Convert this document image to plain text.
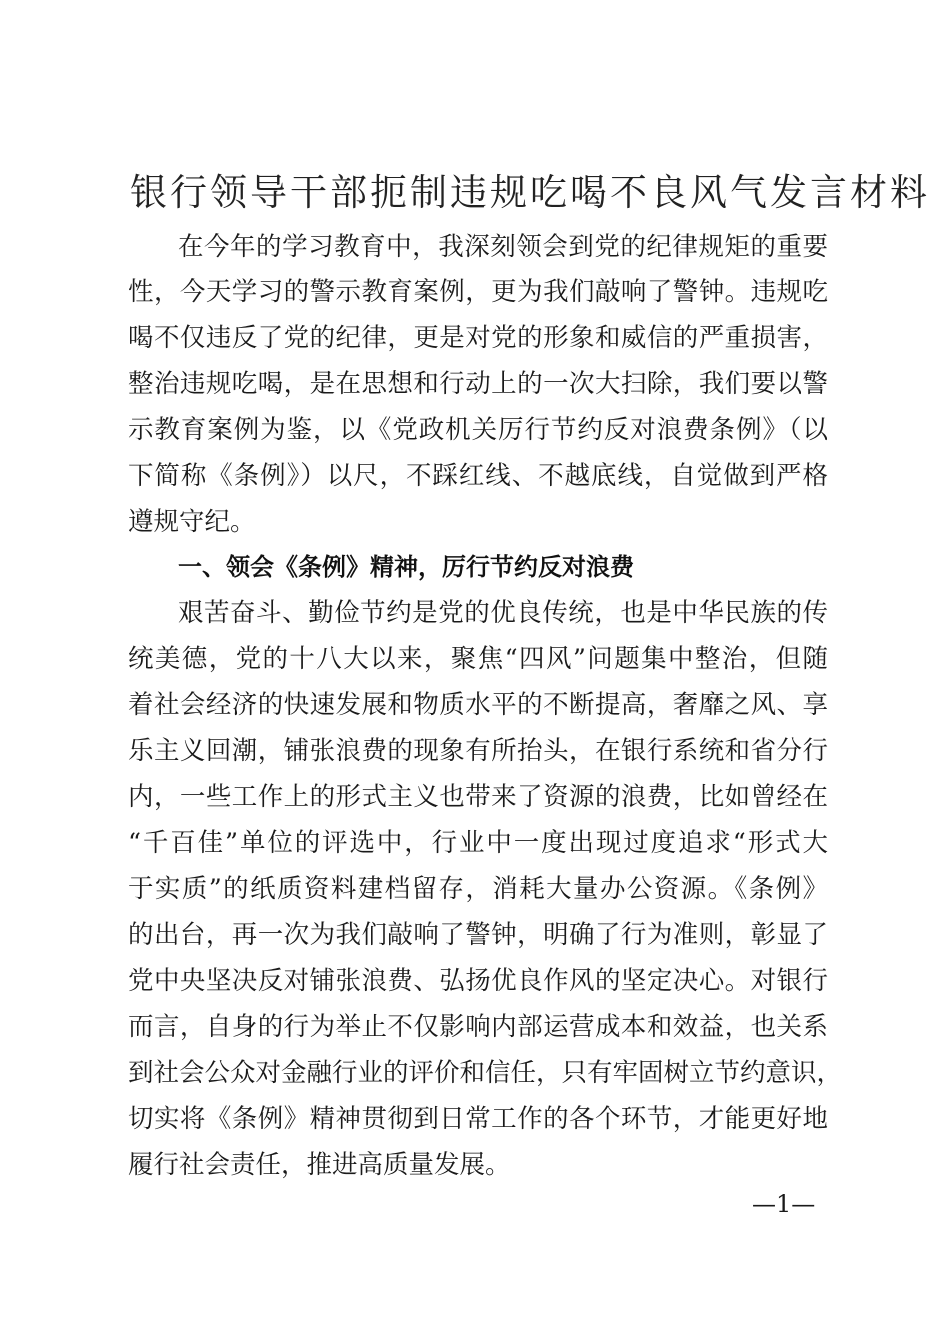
银行领导干部扼制违规吃喝不良风气发言材料
在今年的学习教育中，我深刻领会到党的纪律规矩的重要
性，今天学习的警示教育案例，更为我们敲响了警钟。违规吃
喝不仅违反了党的纪律，更是对党的形象和威信的严重损害，
整治违规吃喝，是在思想和行动上的一次大扫除，我们要以警
示教育案例为鉴，以《党政机关厉行节约反对浪费条例》（以
下简称《条例》）以尺，不踩红线、不越底线，自觉做到严格
遵规守纪。
一、领会《条例》精神，厉行节约反对浪费
艰苦奋斗、勤俭节约是党的优良传统，也是中华民族的传
统美德，党的十八大以来，聚焦“四风”问题集中整治，但随
着社会经济的快速发展和物质水平的不断提高，奢靡之风、享
乐主义回潮，铺张浪费的现象有所抬头，在银行系统和省分行
内，一些工作上的形式主义也带来了资源的浪费，比如曾经在
“千百佳”单位的评选中，行业中一度出现过度追求“形式大
于实质”的纸质资料建档留存，消耗大量办公资源。《条例》
的出台，再一次为我们敲响了警钟，明确了行为准则，彰显了
党中央坚决反对铺张浪费、弘扬优良作风的坚定决心。对银行
而言，自身的行为举止不仅影响内部运营成本和效益，也关系
到社会公众对金融行业的评价和信任，只有牢固树立节约意识，
切实将《条例》精神贯彻到日常工作的各个环节，才能更好地
履行社会责任，推进高质量发展。
—1—
